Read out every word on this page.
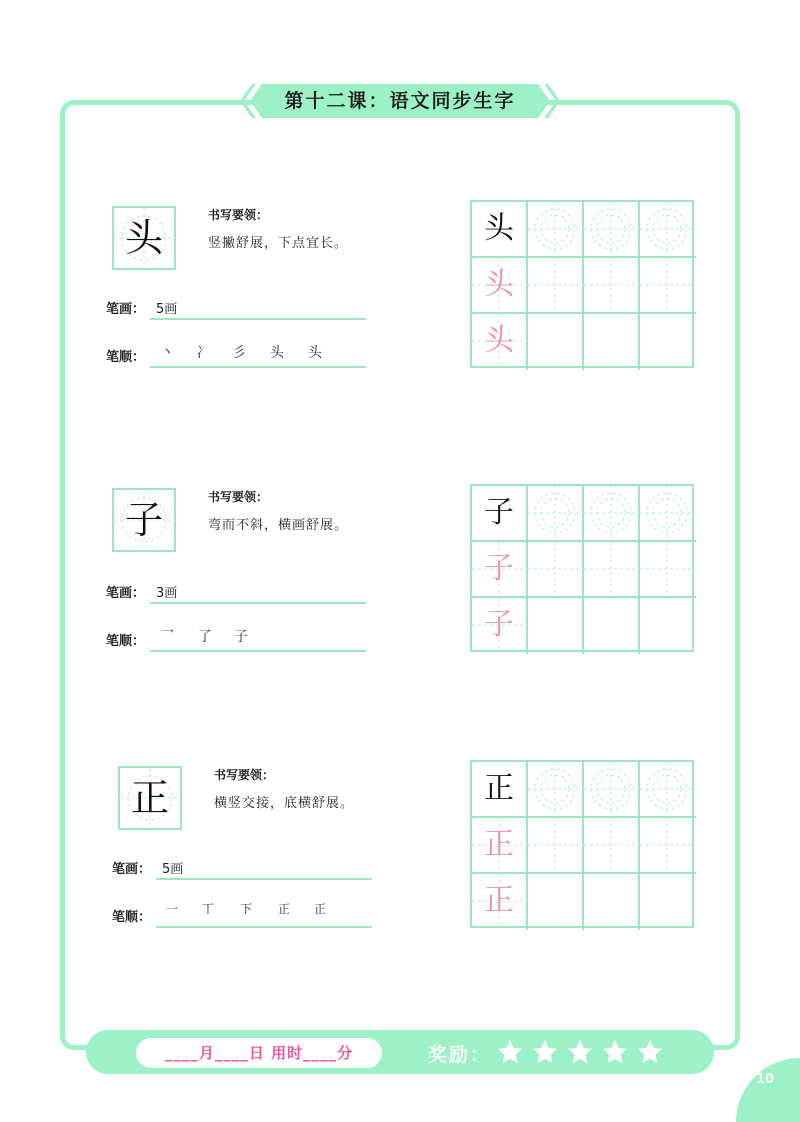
第十二课：语文同步生字
头
书写要领：
竖撇舒展，下点宜长。
笔画： 5画
笔顺： 丶 冫 彡 头 头
头
头
头
子
书写要领：
弯而不斜，横画舒展。
笔画： 3画
笔顺： 乛 了 子
子
子
子
正
书写要领：
横竖交接，底横舒展。
笔画： 5画
笔顺：
一 丅 下 正 正
正
正
正
____月____日 用时____分	奖励：
10
